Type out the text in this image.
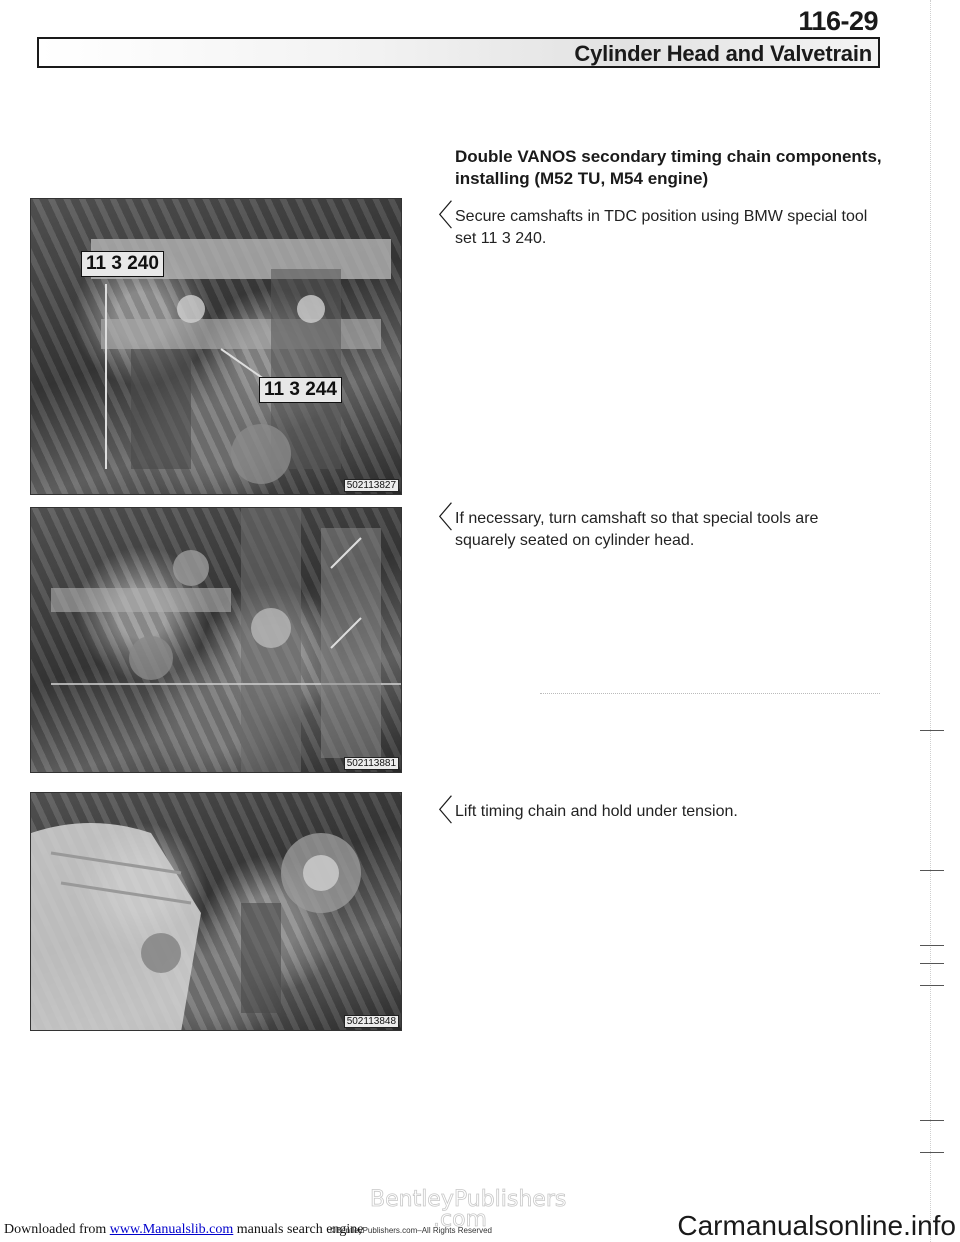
116-29
Cylinder Head and Valvetrain
Double VANOS secondary timing chain components, installing (M52 TU, M54 engine)
11 3 240
11 3 244
502113827
〈 Secure camshafts in TDC position using BMW special tool set 11 3 240.
502113881
〈 If necessary, turn camshaft so that special tools are squarely seated on cylinder head.
502113848
〈 Lift timing chain and hold under tension.
Downloaded from www.Manualslib.com manuals search engine
BentleyPublishers .com
©BentleyPublishers.com–All Rights Reserved	Carmanualsonline.info
